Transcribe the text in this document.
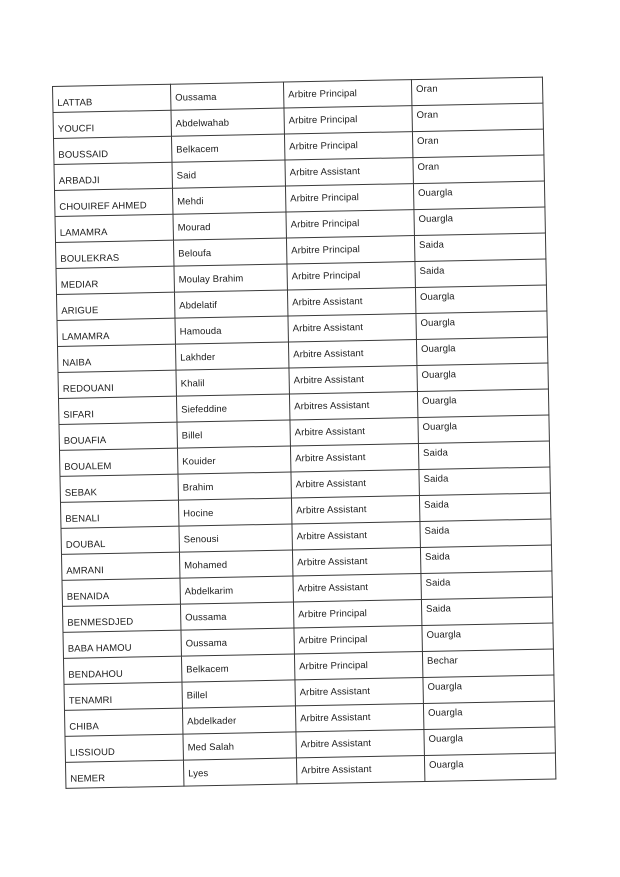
LATTAB	Oussama	Arbitre Principal	Oran
YOUCFI	Abdelwahab	Arbitre Principal	Oran
BOUSSAID	Belkacem	Arbitre Principal	Oran
ARBADJI	Said	Arbitre Assistant	Oran
CHOUIREF AHMED	Mehdi	Arbitre Principal	Ouargla
LAMAMRA	Mourad	Arbitre Principal	Ouargla
BOULEKRAS	Beloufa	Arbitre Principal	Saida
MEDIAR	Moulay Brahim	Arbitre Principal	Saida
ARIGUE	Abdelatif	Arbitre Assistant	Ouargla
LAMAMRA	Hamouda	Arbitre Assistant	Ouargla
NAIBA	Lakhder	Arbitre Assistant	Ouargla
REDOUANI	Khalil	Arbitre Assistant	Ouargla
SIFARI	Siefeddine	Arbitres Assistant	Ouargla
BOUAFIA	Billel	Arbitre Assistant	Ouargla
BOUALEM	Kouider	Arbitre Assistant	Saida
SEBAK	Brahim	Arbitre Assistant	Saida
BENALI	Hocine	Arbitre Assistant	Saida
DOUBAL	Senousi	Arbitre Assistant	Saida
AMRANI	Mohamed	Arbitre Assistant	Saida
BENAIDA	Abdelkarim	Arbitre Assistant	Saida
BENMESDJED	Oussama	Arbitre Principal	Saida
BABA HAMOU	Oussama	Arbitre Principal	Ouargla
BENDAHOU	Belkacem	Arbitre Principal	Bechar
TENAMRI	Billel	Arbitre Assistant	Ouargla
CHIBA	Abdelkader	Arbitre Assistant	Ouargla
LISSIOUD	Med Salah	Arbitre Assistant	Ouargla
NEMER	Lyes	Arbitre Assistant	Ouargla
